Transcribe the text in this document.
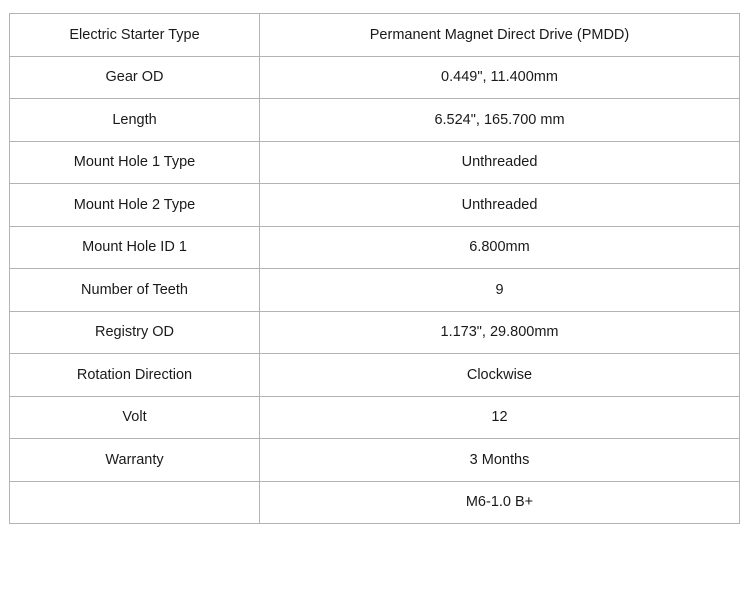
Electric Starter Type	Permanent Magnet Direct Drive (PMDD)

Gear OD	0.449", 11.400mm

Length	6.524", 165.700 mm

Mount Hole 1 Type	Unthreaded

Mount Hole 2 Type	Unthreaded

Mount Hole ID 1	6.800mm

Number of Teeth	9

Registry OD	1.173", 29.800mm

Rotation Direction	Clockwise

Volt	12

Warranty	3 Months

	M6-1.0 B+
